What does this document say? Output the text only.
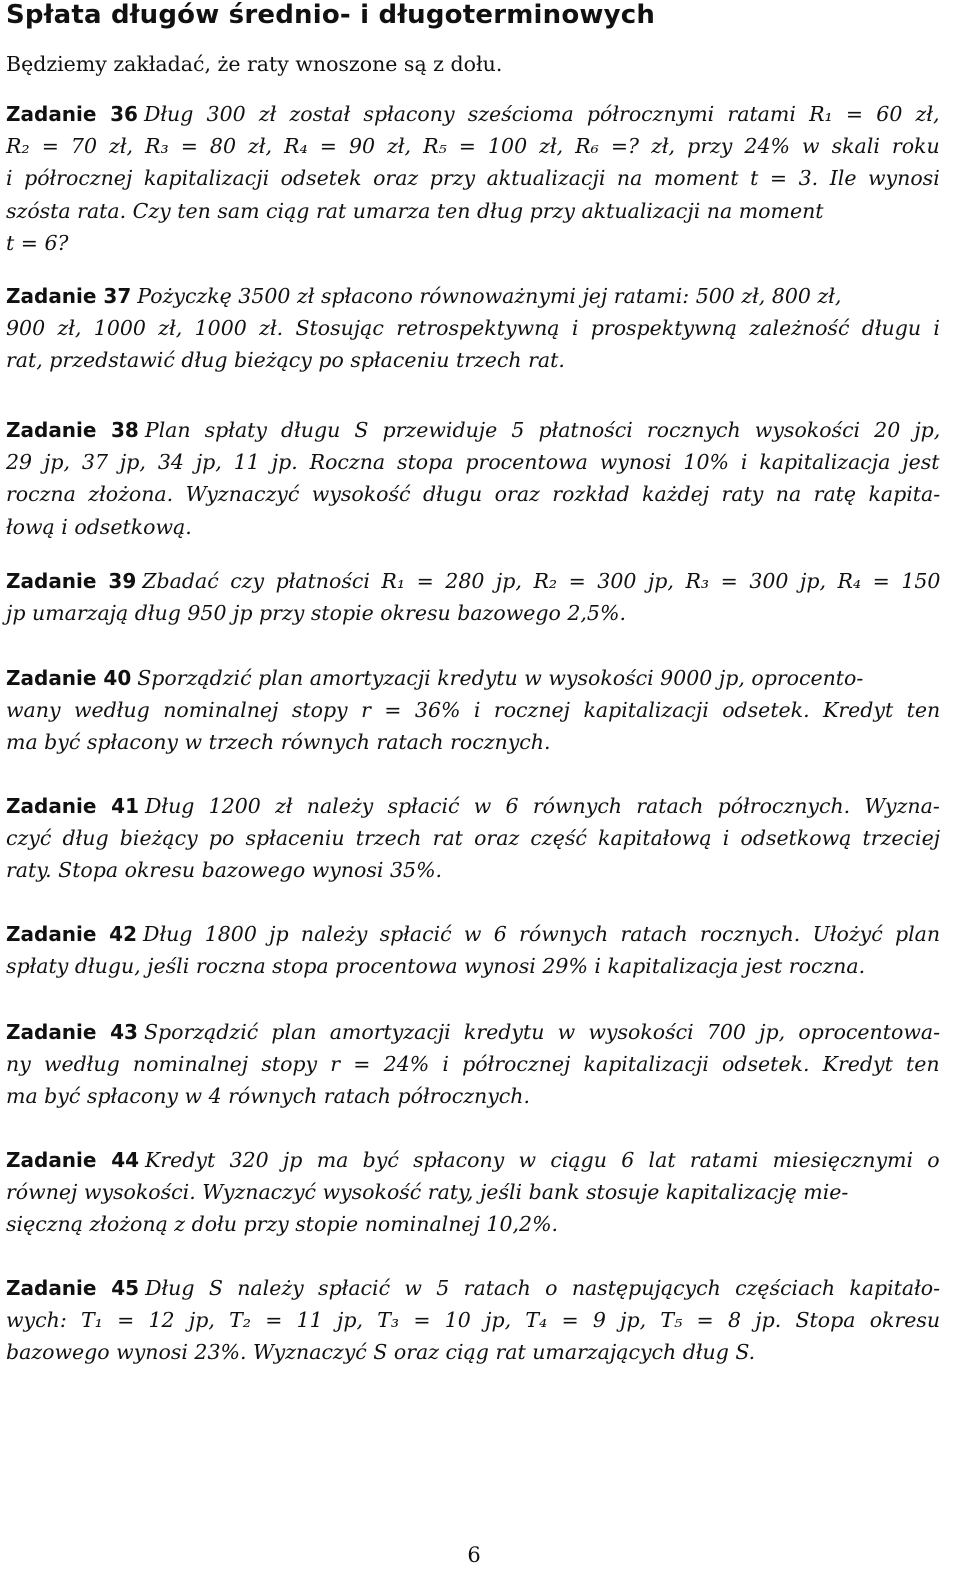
Spłata długów średnio- i długoterminowych
Będziemy zakładać, że raty wnoszone są z dołu.
Zadanie 36 Dług 300 zł został spłacony sześcioma półrocznymi ratami R₁ = 60 zł,
R₂ = 70 zł, R₃ = 80 zł, R₄ = 90 zł, R₅ = 100 zł, R₆ =? zł, przy 24% w skali roku
i półrocznej kapitalizacji odsetek oraz przy aktualizacji na moment t = 3. Ile wynosi
szósta rata. Czy ten sam ciąg rat umarza ten dług przy aktualizacji na moment
t = 6?
Zadanie 37 Pożyczkę 3500 zł spłacono równoważnymi jej ratami: 500 zł, 800 zł,
900 zł, 1000 zł, 1000 zł. Stosując retrospektywną i prospektywną zależność długu i
rat, przedstawić dług bieżący po spłaceniu trzech rat.
Zadanie 38 Plan spłaty długu S przewiduje 5 płatności rocznych wysokości 20 jp,
29 jp, 37 jp, 34 jp, 11 jp. Roczna stopa procentowa wynosi 10% i kapitalizacja jest
roczna złożona. Wyznaczyć wysokość długu oraz rozkład każdej raty na ratę kapita-
łową i odsetkową.
Zadanie 39 Zbadać czy płatności R₁ = 280 jp, R₂ = 300 jp, R₃ = 300 jp, R₄ = 150
jp umarzają dług 950 jp przy stopie okresu bazowego 2,5%.
Zadanie 40 Sporządzić plan amortyzacji kredytu w wysokości 9000 jp, oprocento-
wany według nominalnej stopy r = 36% i rocznej kapitalizacji odsetek. Kredyt ten
ma być spłacony w trzech równych ratach rocznych.
Zadanie 41 Dług 1200 zł należy spłacić w 6 równych ratach półrocznych. Wyzna-
czyć dług bieżący po spłaceniu trzech rat oraz część kapitałową i odsetkową trzeciej
raty. Stopa okresu bazowego wynosi 35%.
Zadanie 42 Dług 1800 jp należy spłacić w 6 równych ratach rocznych. Ułożyć plan
spłaty długu, jeśli roczna stopa procentowa wynosi 29% i kapitalizacja jest roczna.
Zadanie 43 Sporządzić plan amortyzacji kredytu w wysokości 700 jp, oprocentowa-
ny według nominalnej stopy r = 24% i półrocznej kapitalizacji odsetek. Kredyt ten
ma być spłacony w 4 równych ratach półrocznych.
Zadanie 44 Kredyt 320 jp ma być spłacony w ciągu 6 lat ratami miesięcznymi o
równej wysokości. Wyznaczyć wysokość raty, jeśli bank stosuje kapitalizację mie-
sięczną złożoną z dołu przy stopie nominalnej 10,2%.
Zadanie 45 Dług S należy spłacić w 5 ratach o następujących częściach kapitało-
wych: T₁ = 12 jp, T₂ = 11 jp, T₃ = 10 jp, T₄ = 9 jp, T₅ = 8 jp. Stopa okresu
bazowego wynosi 23%. Wyznaczyć S oraz ciąg rat umarzających dług S.
6
